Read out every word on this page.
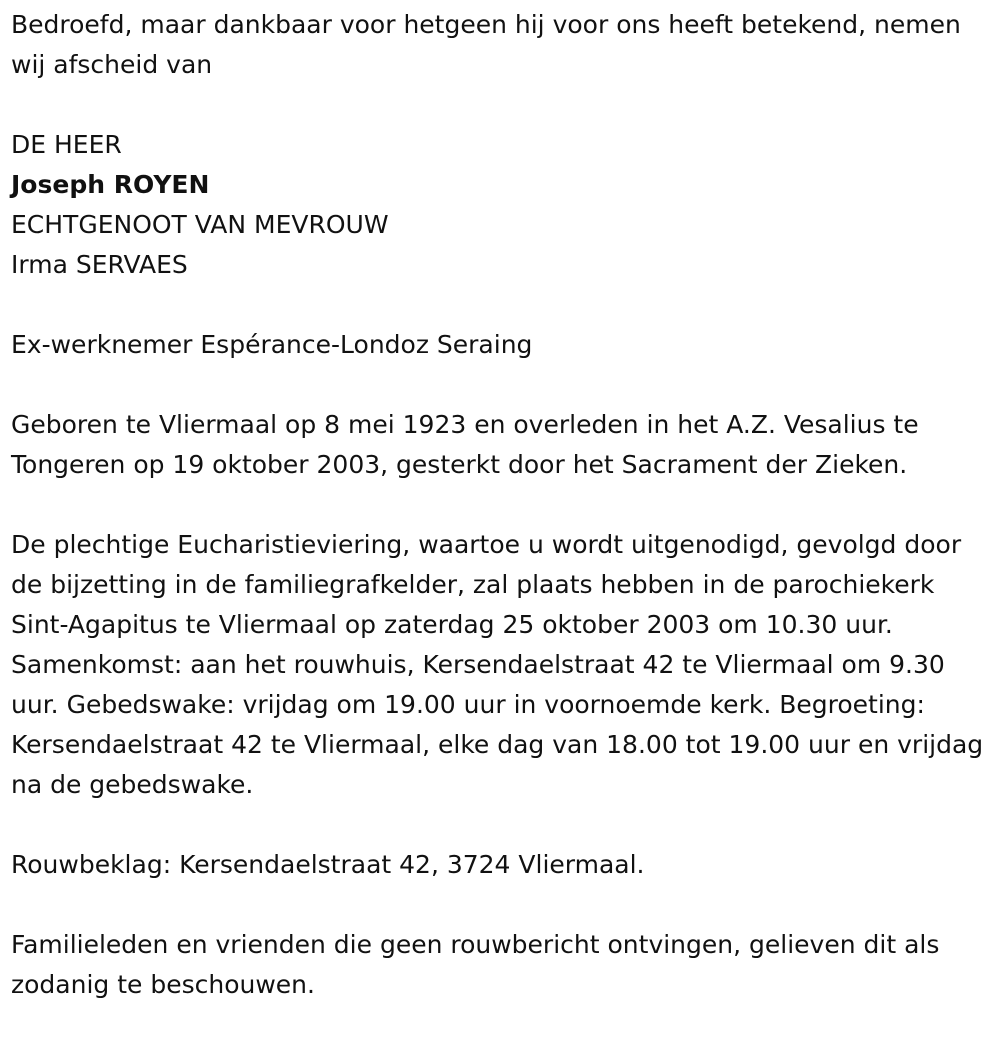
Bedroefd, maar dankbaar voor hetgeen hij voor ons heeft betekend, nemen wij afscheid van

DE HEER

Joseph ROYEN

ECHTGENOOT VAN MEVROUW

Irma SERVAES

Ex-werknemer Espérance-Londoz Seraing

Geboren te Vliermaal op 8 mei 1923 en overleden in het A.Z. Vesalius te Tongeren op 19 oktober 2003, gesterkt door het Sacrament der Zieken.

De plechtige Eucharistieviering, waartoe u wordt uitgenodigd, gevolgd door de bijzetting in de familiegrafkelder, zal plaats hebben in de parochiekerk Sint-Agapitus te Vliermaal op zaterdag 25 oktober 2003 om 10.30 uur. Samenkomst: aan het rouwhuis, Kersendaelstraat 42 te Vliermaal om 9.30 uur. Gebedswake: vrijdag om 19.00 uur in voornoemde kerk. Begroeting: Kersendaelstraat 42 te Vliermaal, elke dag van 18.00 tot 19.00 uur en vrijdag na de gebedswake.

Rouwbeklag: Kersendaelstraat 42, 3724 Vliermaal.

Familieleden en vrienden die geen rouwbericht ontvingen, gelieven dit als zodanig te beschouwen.
